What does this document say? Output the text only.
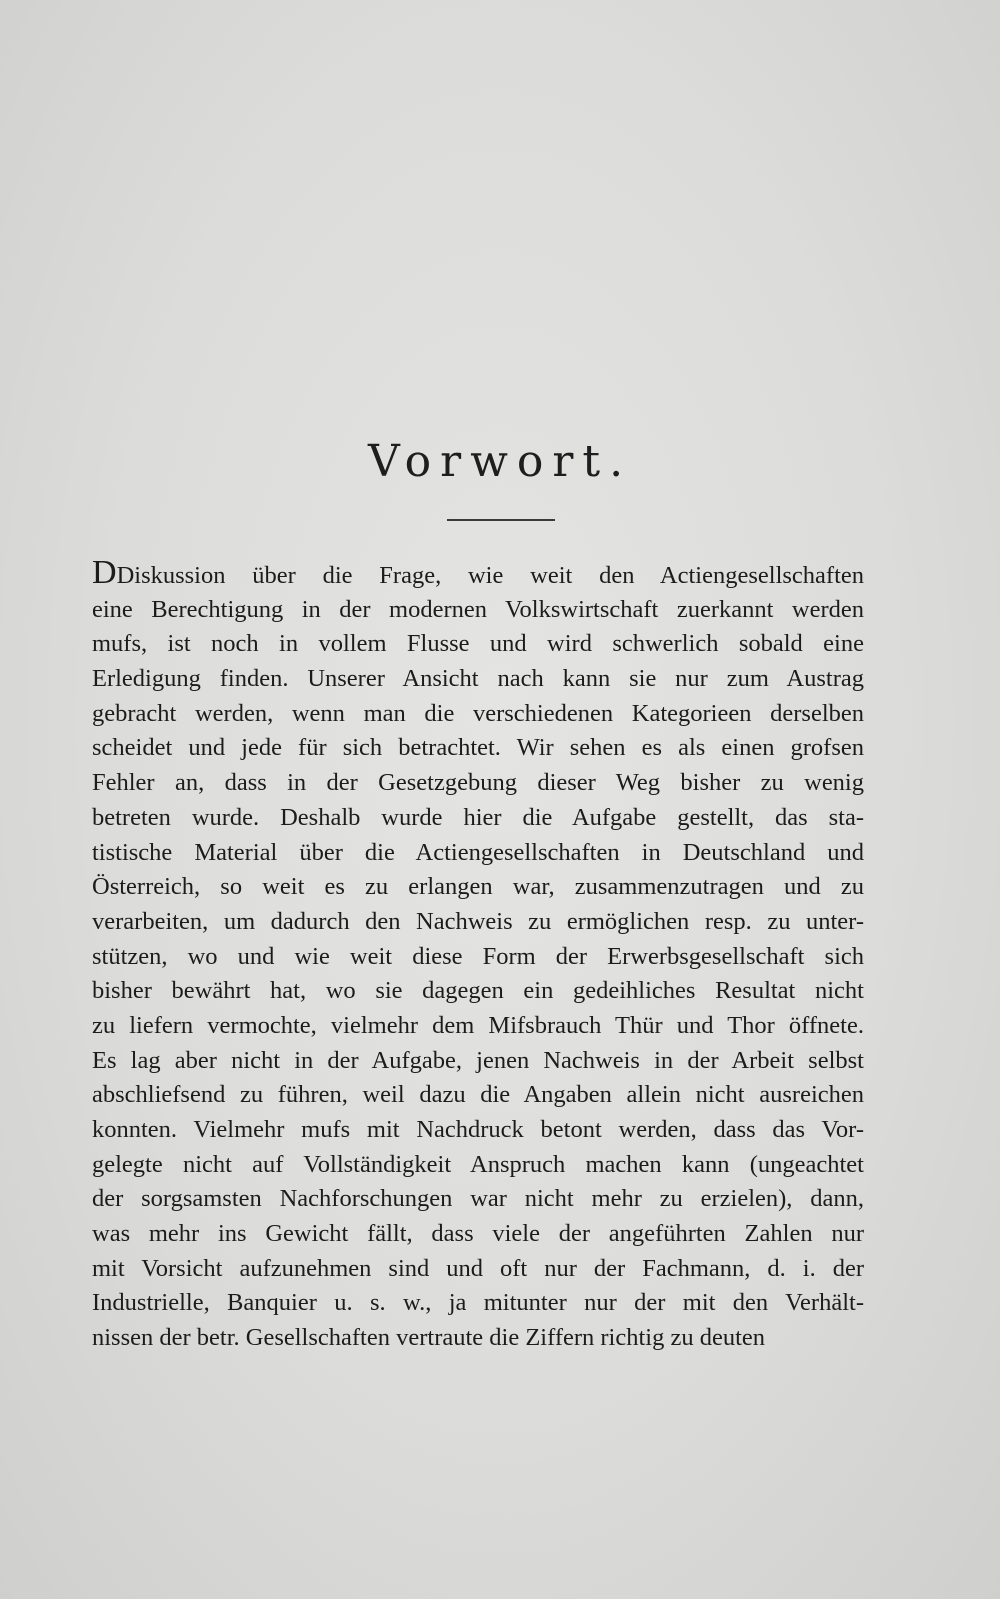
Vorwort.
DDiskussion über die Frage, wie weit den Actiengesellschaften
eine Berechtigung in der modernen Volkswirtschaft zuerkannt werden
mufs, ist noch in vollem Flusse und wird schwerlich sobald eine
Erledigung finden. Unserer Ansicht nach kann sie nur zum Austrag
gebracht werden, wenn man die verschiedenen Kategorieen derselben
scheidet und jede für sich betrachtet. Wir sehen es als einen grofsen
Fehler an, dass in der Gesetzgebung dieser Weg bisher zu wenig
betreten wurde. Deshalb wurde hier die Aufgabe gestellt, das sta-
tistische Material über die Actiengesellschaften in Deutschland und
Österreich, so weit es zu erlangen war, zusammenzutragen und zu
verarbeiten, um dadurch den Nachweis zu ermöglichen resp. zu unter-
stützen, wo und wie weit diese Form der Erwerbsgesellschaft sich
bisher bewährt hat, wo sie dagegen ein gedeihliches Resultat nicht
zu liefern vermochte, vielmehr dem Mifsbrauch Thür und Thor öffnete.
Es lag aber nicht in der Aufgabe, jenen Nachweis in der Arbeit selbst
abschliefsend zu führen, weil dazu die Angaben allein nicht ausreichen
konnten. Vielmehr mufs mit Nachdruck betont werden, dass das Vor-
gelegte nicht auf Vollständigkeit Anspruch machen kann (ungeachtet
der sorgsamsten Nachforschungen war nicht mehr zu erzielen), dann,
was mehr ins Gewicht fällt, dass viele der angeführten Zahlen nur
mit Vorsicht aufzunehmen sind und oft nur der Fachmann, d. i. der
Industrielle, Banquier u. s. w., ja mitunter nur der mit den Verhält-
nissen der betr. Gesellschaften vertraute die Ziffern richtig zu deuten
